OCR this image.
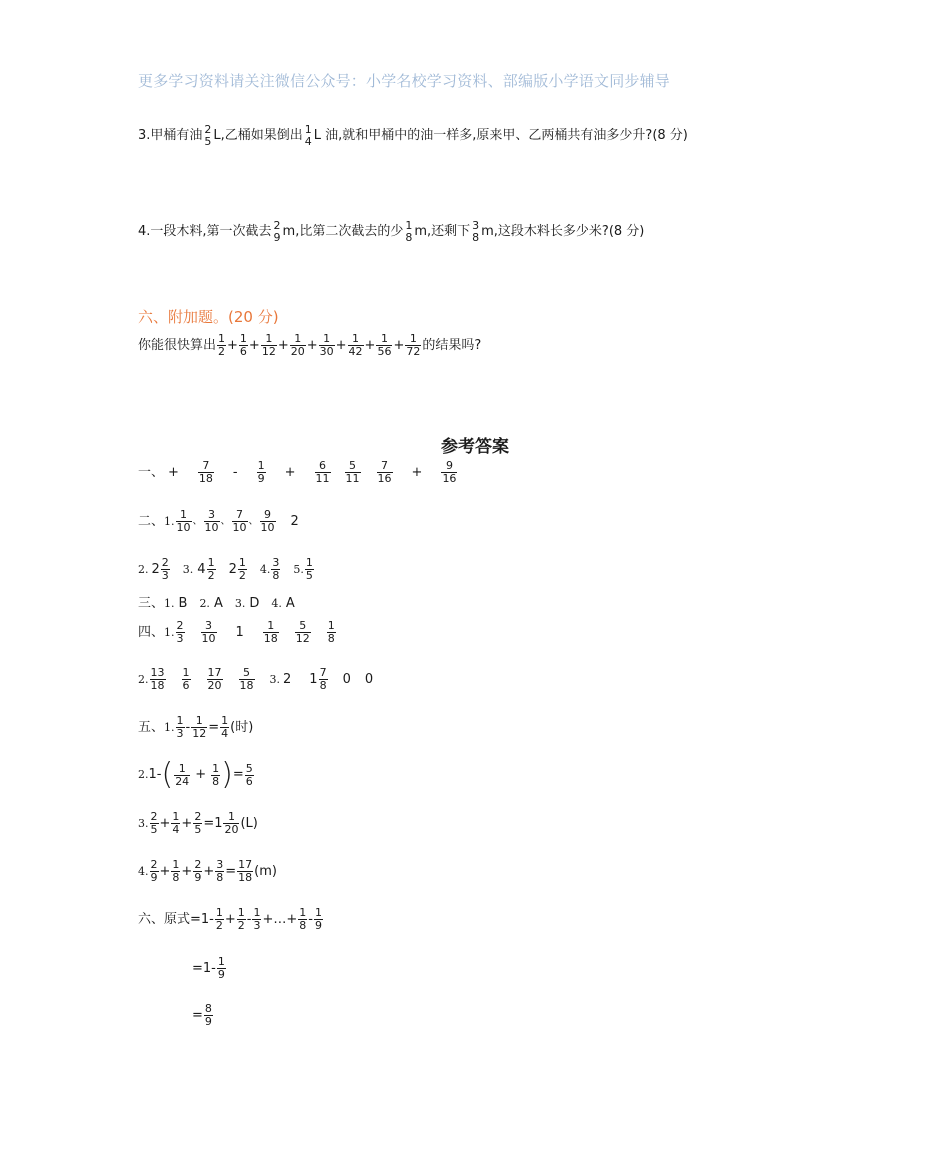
更多学习资料请关注微信公众号：小学名校学习资料、部编版小学语文同步辅导
3.甲桶有油 2
5 L,乙桶如果倒出 1
4 L 油,就和甲桶中的油一样多,原来甲、乙两桶共有油多少升?(8 分)
4.一段木料,第一次截去 2
9 m,比第二次截去的少 1
8 m,还剩下 3
8 m,这段木料长多少米?(8 分)
六、附加题。(20 分)
你能很快算出 $\frac{1}{2} + \frac{1}{6} + \frac{1}{12} + \frac{1}{20} + \frac{1}{30} + \frac{1}{42} + \frac{1}{56} + \frac{1}{72}$ 的结果吗?
参考答案
一、 + $\frac{7}{18} - \frac{1}{9} + \frac{6}{11} \frac{5}{11} \frac{7}{16} + \frac{9}{16}$
二、 1. $\frac{1}{10}$ 、 $\frac{3}{10}$ 、 $\frac{7}{10}$ 、 $\frac{9}{10} 2$
2. $2 \frac{2}{3} 3$. $4 \frac{1}{2} 2 \frac{1}{2} 4$. $\frac{3}{8} 5$. $\frac{1}{5}$
三、 1. B 2. A 3. D 4. A
四、 1. $\frac{2}{3} \frac{3}{10} 1 \frac{1}{18} \frac{5}{12} \frac{1}{8}$
2. $\frac{13}{18} \frac{1}{6} \frac{17}{20} \frac{5}{18} 3$. 2 $1 \frac{7}{8} 0$ 0
五、 1. $\frac{1}{3} - \frac{1}{12} = \frac{1}{4}$ (时)
2. 1- ( $\frac{1}{24} + \frac{1}{8}$ ) = $\frac{5}{6}$
3. $\frac{2}{5} + \frac{1}{4} + \frac{2}{5} =1 \frac{1}{20} (L)$
4. $\frac{2}{9} + \frac{1}{8} + \frac{2}{9} + \frac{3}{8} = \frac{17}{18} (m)$
六、原式$=1- \frac{1}{2} + \frac{1}{2} - \frac{1}{3}$ +…+ $\frac{1}{8} - \frac{1}{9}$
$=1- \frac{1}{9}$
= $\frac{8}{9}$
